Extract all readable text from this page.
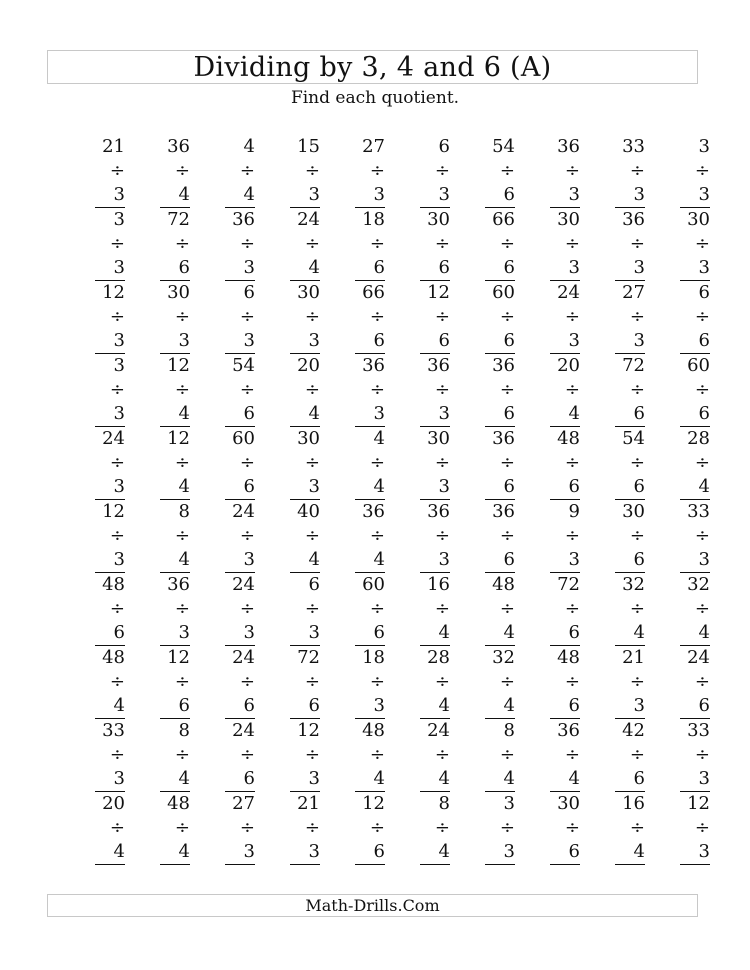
Dividing by 3, 4 and 6 (A)
Find each quotient.
21
÷ 3
36
÷ 4
4
÷ 4
15
÷ 3
27
÷ 3
6
÷ 3
54
÷ 6
36
÷ 3
33
÷ 3
3
÷ 3
3
÷ 3
72
÷ 6
36
÷ 3
24
÷ 4
18
÷ 6
30
÷ 6
66
÷ 6
30
÷ 3
36
÷ 3
30
÷ 3
12
÷ 3
30
÷ 3
6
÷ 3
30
÷ 3
66
÷ 6
12
÷ 6
60
÷ 6
24
÷ 3
27
÷ 3
6
÷ 6
3
÷ 3
12
÷ 4
54
÷ 6
20
÷ 4
36
÷ 3
36
÷ 3
36
÷ 6
20
÷ 4
72
÷ 6
60
÷ 6
24
÷ 3
12
÷ 4
60
÷ 6
30
÷ 3
4
÷ 4
30
÷ 3
36
÷ 6
48
÷ 6
54
÷ 6
28
÷ 4
12
÷ 3
8
÷ 4
24
÷ 3
40
÷ 4
36
÷ 4
36
÷ 3
36
÷ 6
9
÷ 3
30
÷ 6
33
÷ 3
48
÷ 6
36
÷ 3
24
÷ 3
6
÷ 3
60
÷ 6
16
÷ 4
48
÷ 4
72
÷ 6
32
÷ 4
32
÷ 4
48
÷ 4
12
÷ 6
24
÷ 6
72
÷ 6
18
÷ 3
28
÷ 4
32
÷ 4
48
÷ 6
21
÷ 3
24
÷ 6
33
÷ 3
8
÷ 4
24
÷ 6
12
÷ 3
48
÷ 4
24
÷ 4
8
÷ 4
36
÷ 4
42
÷ 6
33
÷ 3
20
÷ 4
48
÷ 4
27
÷ 3
21
÷ 3
12
÷ 6
8
÷ 4
3
÷ 3
30
÷ 6
16
÷ 4
12
÷ 3
Math-Drills.Com
